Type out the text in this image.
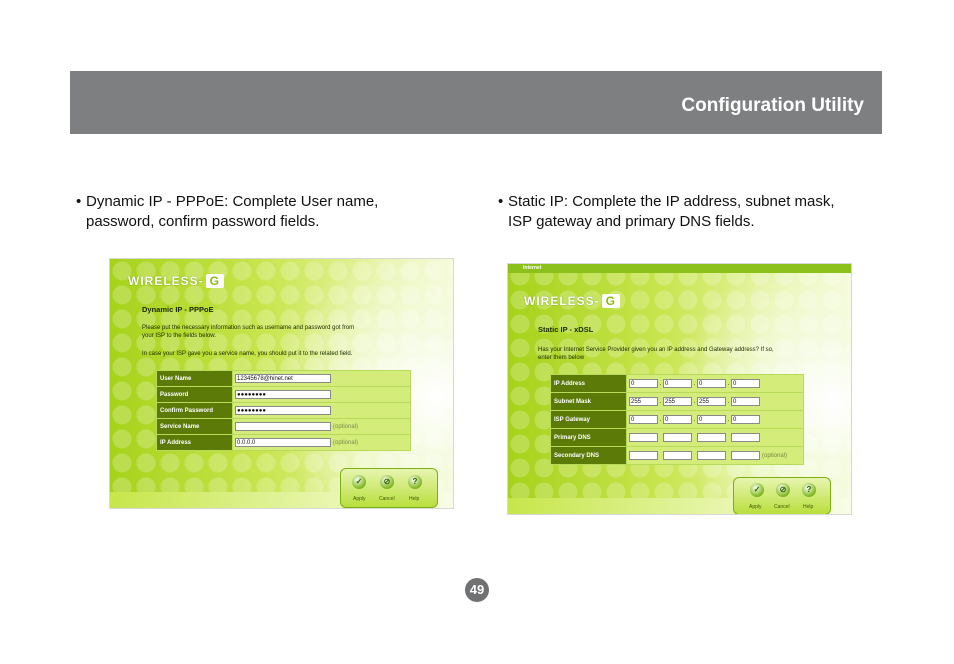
Configuration Utility
• Dynamic IP - PPPoE: Complete User name,
password, confirm password fields.
• Static IP: Complete the IP address, subnet mask,
ISP gateway and primary DNS fields.
WIRELESS- G
Dynamic IP - PPPoE
Please put the necessary information such as username and password got from
your ISP to the fields below.
In case your ISP gave you a service name, you should put it to the related field.
User Name	12345678@hinet.net
Password	●●●●●●●●
Confirm Password	●●●●●●●●
Service Name	(optional)
IP Address	0.0.0.0 (optional)
✓	⊘	?
Apply	Cancel	Help
Internet
WIRELESS- G
Static IP - xDSL
Has your Internet Service Provider given you an IP address and Gateway address? If so,
enter them below
IP Address	0 . 0 . 0 . 0
Subnet Mask	255 . 255 . 255 . 0
ISP Gateway	0 . 0 . 0 . 0
Primary DNS	
Secondary DNS	(optional)
✓	⊘	?
Apply Cancel	Help
49
